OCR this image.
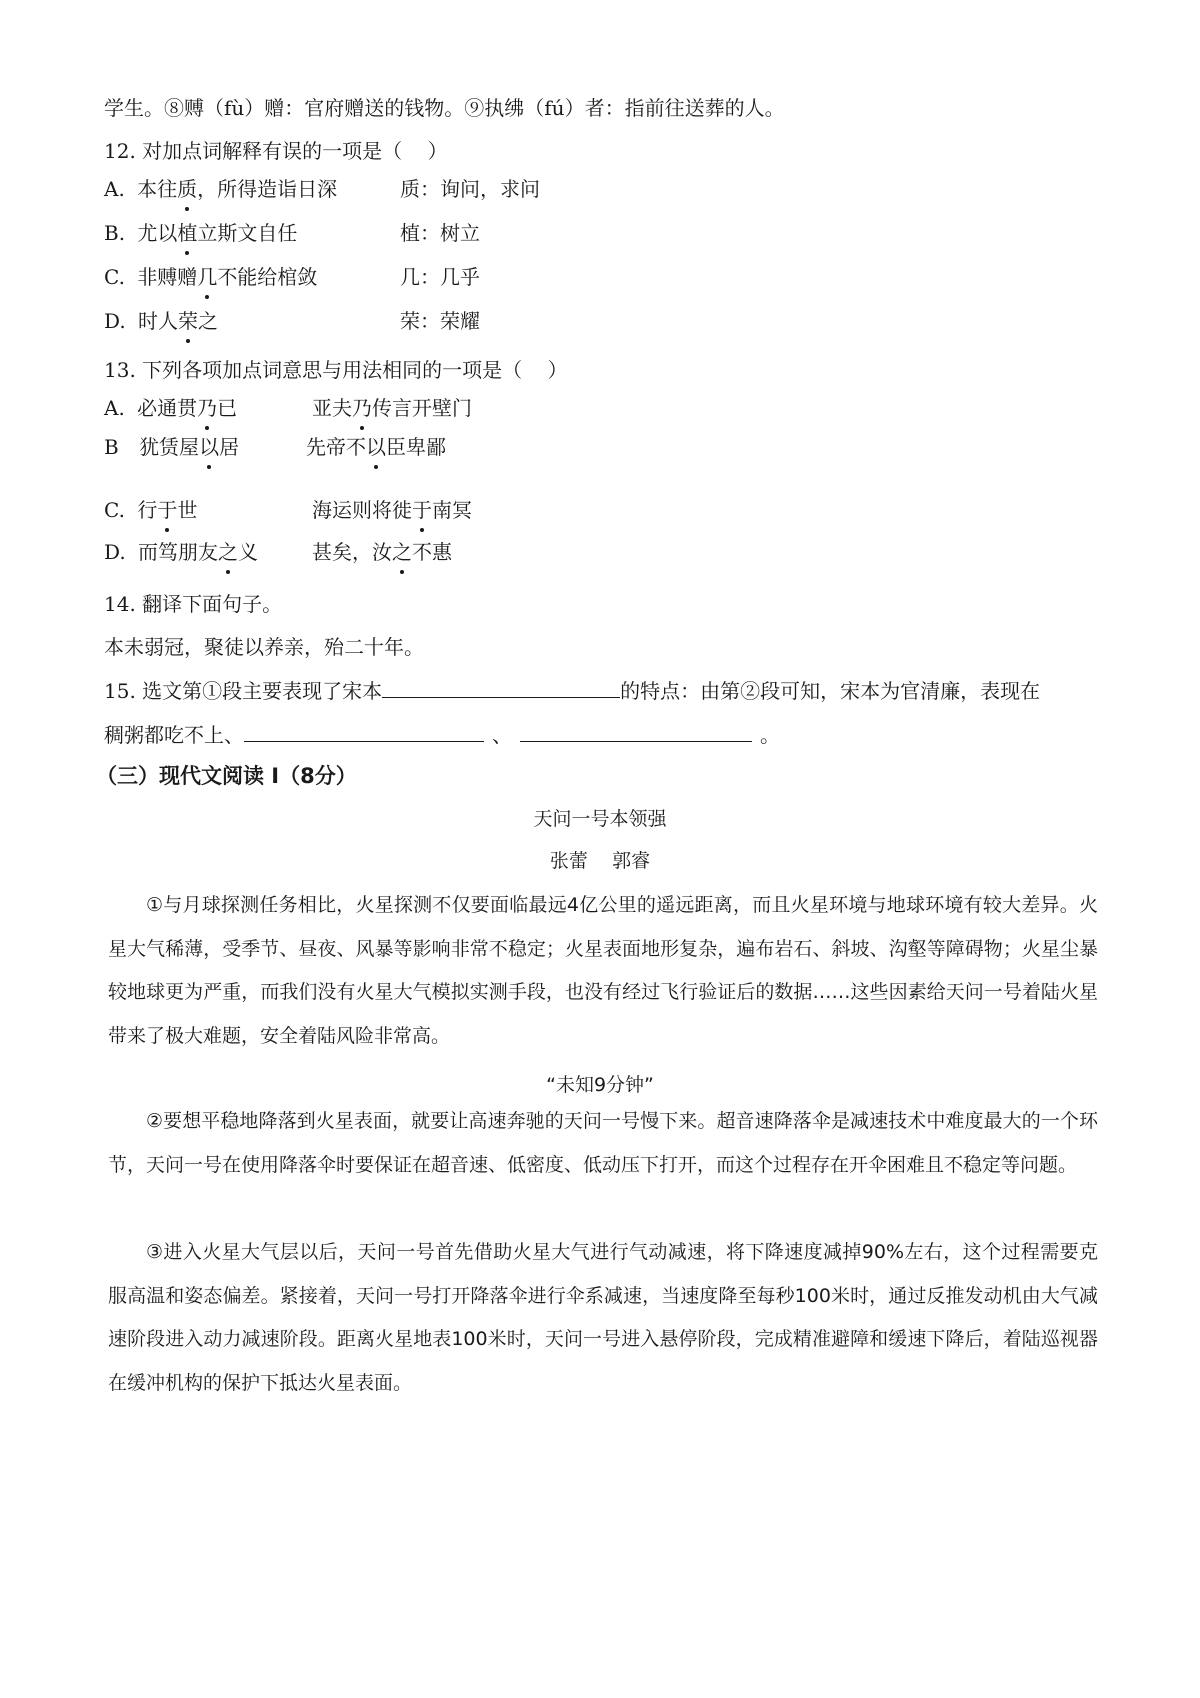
学生。⑧赙（fù）赠：官府赠送的钱物。⑨执绋（fú）者：指前往送葬的人。
12. 对加点词解释有误的一项是（    ）
A. 本往质，所得造诣日深	质：询问，求问
B. 尤以植立斯文自任	植：树立
C. 非赙赠几不能给棺敛	几：几乎
D. 时人荣之	荣：荣耀
13. 下列各项加点词意思与用法相同的一项是（    ）
A. 必通贯乃已	亚夫乃传言开壁门
B 犹赁屋以居	先帝不以臣卑鄙
C. 行于世	海运则将徙于南冥
D. 而笃朋友之义	甚矣，汝之不惠
14. 翻译下面句子。
本未弱冠，聚徒以养亲，殆二十年。
15. 选文第①段主要表现了宋本	的特点：由第②段可知，宋本为官清廉，表现在
稠粥都吃不上、	、	。
（三）现代文阅读 I（8分）
天问一号本领强
张蕾    郭睿
①与月球探测任务相比，火星探测不仅要面临最远4亿公里的遥远距离，而且火星环境与地球环境有较大差异。火星大气稀薄，受季节、昼夜、风暴等影响非常不稳定；火星表面地形复杂，遍布岩石、斜坡、沟壑等障碍物；火星尘暴较地球更为严重，而我们没有火星大气模拟实测手段，也没有经过飞行验证后的数据……这些因素给天问一号着陆火星带来了极大难题，安全着陆风险非常高。
“未知9分钟”
②要想平稳地降落到火星表面，就要让高速奔驰的天问一号慢下来。超音速降落伞是减速技术中难度最大的一个环节，天问一号在使用降落伞时要保证在超音速、低密度、低动压下打开，而这个过程存在开伞困难且不稳定等问题。
③进入火星大气层以后，天问一号首先借助火星大气进行气动减速，将下降速度减掉90%左右，这个过程需要克服高温和姿态偏差。紧接着，天问一号打开降落伞进行伞系减速，当速度降至每秒100米时，通过反推发动机由大气减速阶段进入动力减速阶段。距离火星地表100米时，天问一号进入悬停阶段，完成精准避障和缓速下降后，着陆巡视器在缓冲机构的保护下抵达火星表面。
